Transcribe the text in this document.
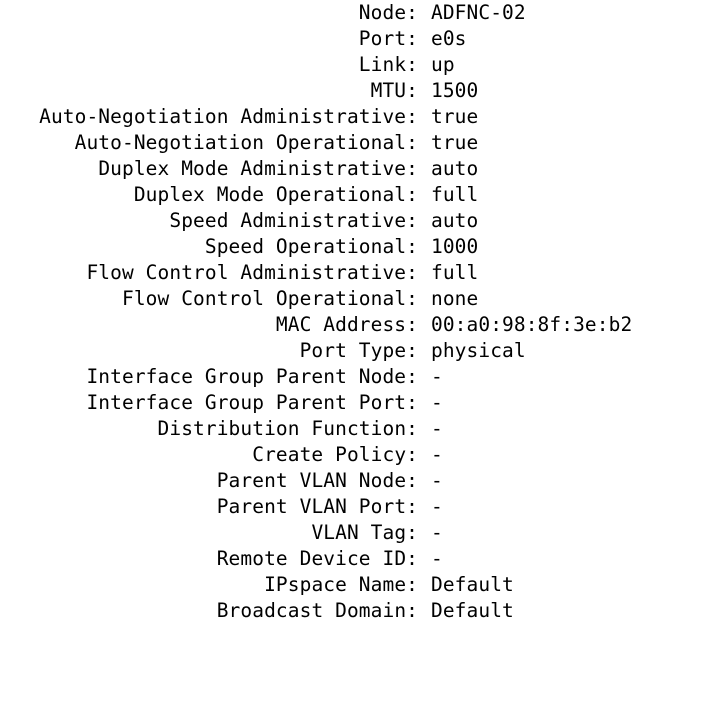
Node:

ADFNC-02

Port:

e0s

Link:

up

MTU:

1500

Auto-Negotiation Administrative:

true

Auto-Negotiation Operational:

true

Duplex Mode Administrative:

auto

Duplex Mode Operational:

full

Speed Administrative:

auto

Speed Operational:

1000

Flow Control Administrative:

full

Flow Control Operational:

none

MAC Address:

00:a0:98:8f:3e:b2

Port Type:

physical

Interface Group Parent Node:

-

Interface Group Parent Port:

-

Distribution Function:

-

Create Policy:

-

Parent VLAN Node:

-

Parent VLAN Port:

-

VLAN Tag:

-

Remote Device ID:

-

IPspace Name:

Default

Broadcast Domain:

Default
